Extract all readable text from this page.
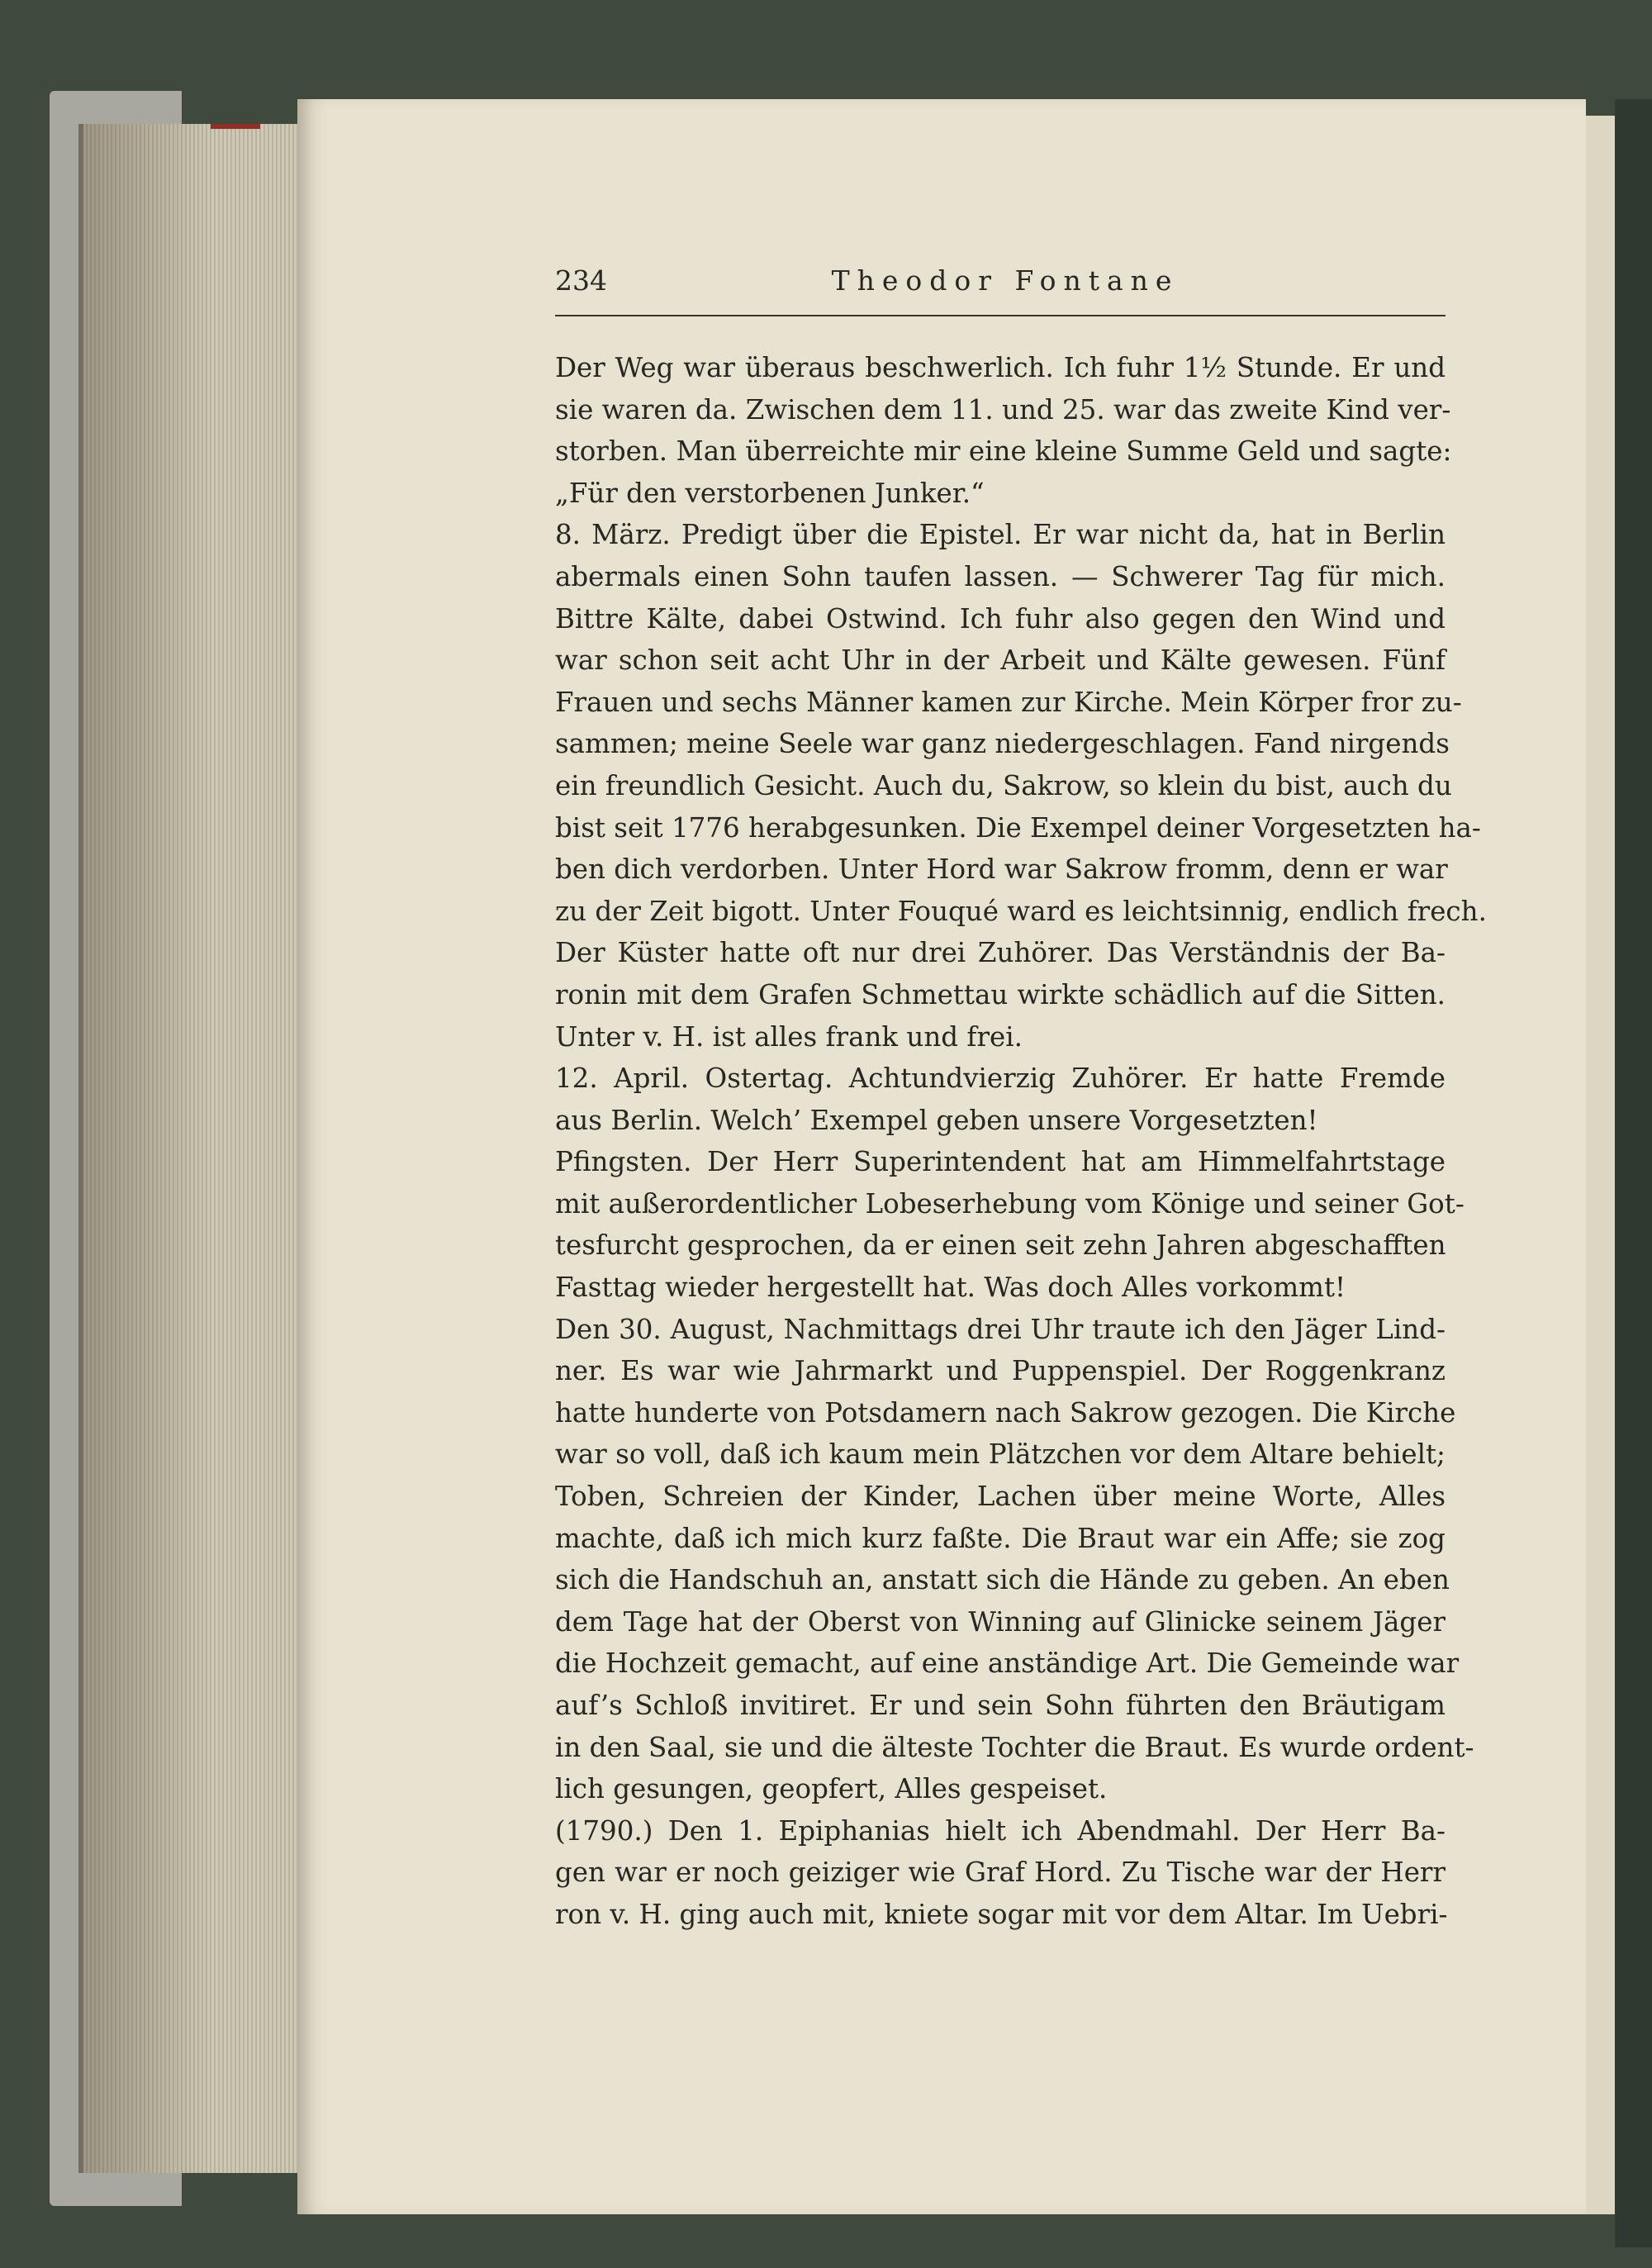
234	Theodor Fontane
Der Weg war überaus beschwerlich. Ich fuhr 1½ Stunde. Er und
sie waren da. Zwischen dem 11. und 25. war das zweite Kind ver-
storben. Man überreichte mir eine kleine Summe Geld und sagte:
„Für den verstorbenen Junker.“
8. März. Predigt über die Epistel. Er war nicht da, hat in Berlin
abermals einen Sohn taufen lassen. — Schwerer Tag für mich.
Bittre Kälte, dabei Ostwind. Ich fuhr also gegen den Wind und
war schon seit acht Uhr in der Arbeit und Kälte gewesen. Fünf
Frauen und sechs Männer kamen zur Kirche. Mein Körper fror zu-
sammen; meine Seele war ganz niedergeschlagen. Fand nirgends
ein freundlich Gesicht. Auch du, Sakrow, so klein du bist, auch du
bist seit 1776 herabgesunken. Die Exempel deiner Vorgesetzten ha-
ben dich verdorben. Unter Hord war Sakrow fromm, denn er war
zu der Zeit bigott. Unter Fouqué ward es leichtsinnig, endlich frech.
Der Küster hatte oft nur drei Zuhörer. Das Verständnis der Ba-
ronin mit dem Grafen Schmettau wirkte schädlich auf die Sitten.
Unter v. H. ist alles frank und frei.
12. April. Ostertag. Achtundvierzig Zuhörer. Er hatte Fremde
aus Berlin. Welch’ Exempel geben unsere Vorgesetzten!
Pfingsten. Der Herr Superintendent hat am Himmelfahrtstage
mit außerordentlicher Lobeserhebung vom Könige und seiner Got-
tesfurcht gesprochen, da er einen seit zehn Jahren abgeschafften
Fasttag wieder hergestellt hat. Was doch Alles vorkommt!
Den 30. August, Nachmittags drei Uhr traute ich den Jäger Lind-
ner. Es war wie Jahrmarkt und Puppenspiel. Der Roggenkranz
hatte hunderte von Potsdamern nach Sakrow gezogen. Die Kirche
war so voll, daß ich kaum mein Plätzchen vor dem Altare behielt;
Toben, Schreien der Kinder, Lachen über meine Worte, Alles
machte, daß ich mich kurz faßte. Die Braut war ein Affe; sie zog
sich die Handschuh an, anstatt sich die Hände zu geben. An eben
dem Tage hat der Oberst von Winning auf Glinicke seinem Jäger
die Hochzeit gemacht, auf eine anständige Art. Die Gemeinde war
auf’s Schloß invitiret. Er und sein Sohn führten den Bräutigam
in den Saal, sie und die älteste Tochter die Braut. Es wurde ordent-
lich gesungen, geopfert, Alles gespeiset.
(1790.) Den 1. Epiphanias hielt ich Abendmahl. Der Herr Ba-
gen war er noch geiziger wie Graf Hord. Zu Tische war der Herr
ron v. H. ging auch mit, kniete sogar mit vor dem Altar. Im Uebri-
